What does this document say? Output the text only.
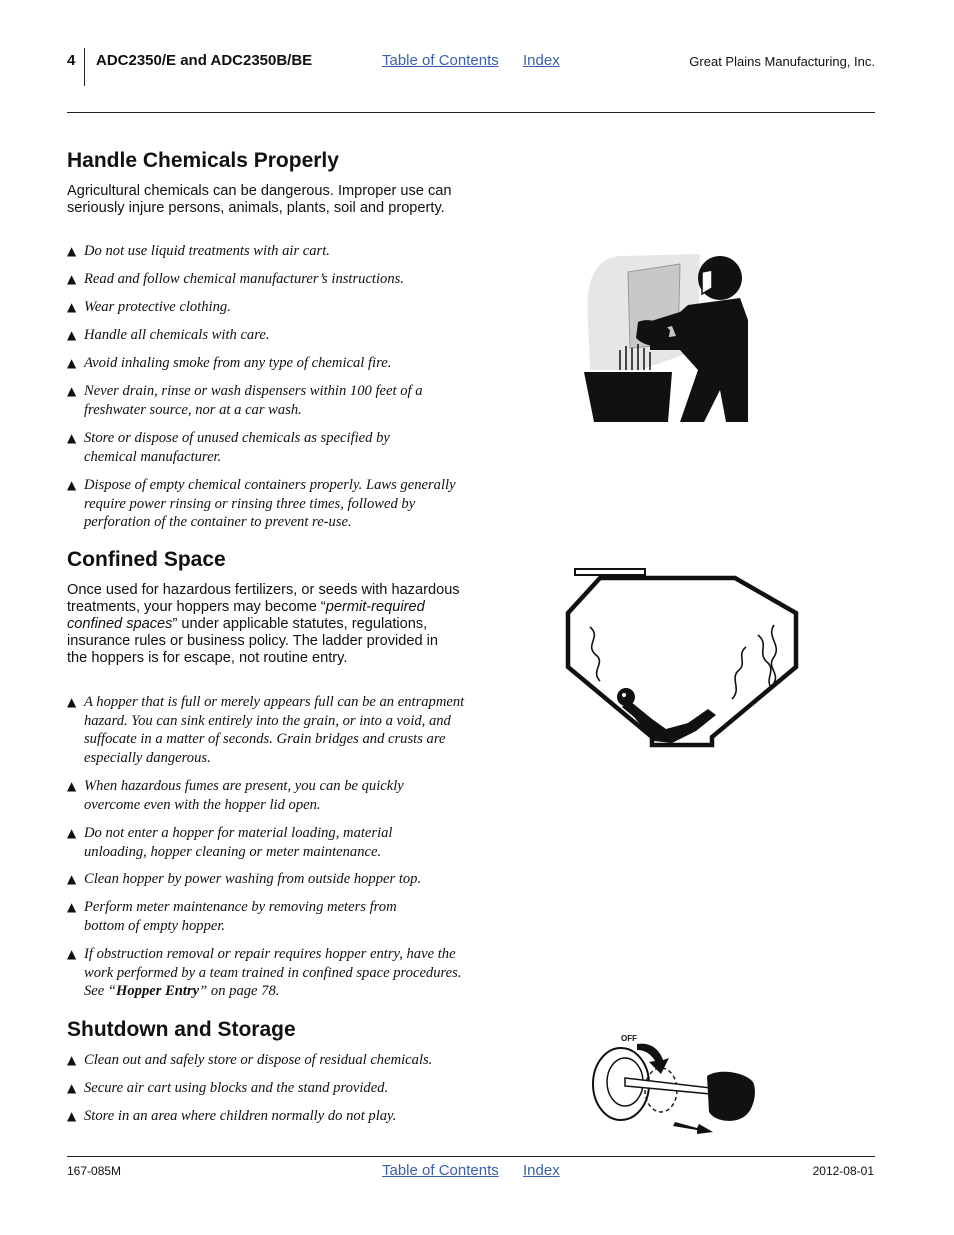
4 ADC2350/E and ADC2350B/BE	Table of Contents Index	Great Plains Manufacturing, Inc.
Handle Chemicals Properly

Agricultural chemicals can be dangerous. Improper use can seriously injure persons, animals, plants, soil and property.

▲ Do not use liquid treatments with air cart.
▲ Read and follow chemical manufacturer’s instructions.
▲ Wear protective clothing.
▲ Handle all chemicals with care.
▲ Avoid inhaling smoke from any type of chemical fire.
▲ Never drain, rinse or wash dispensers within 100 feet of a freshwater source, nor at a car wash.
▲ Store or dispose of unused chemicals as specified by chemical manufacturer.
▲ Dispose of empty chemical containers properly. Laws generally require power rinsing or rinsing three times, followed by perforation of the container to prevent re-use.
Confined Space

Once used for hazardous fertilizers, or seeds with hazardous treatments, your hoppers may become “permit-required confined spaces” under applicable statutes, regulations, insurance rules or business policy. The ladder provided in the hoppers is for escape, not routine entry.

▲ A hopper that is full or merely appears full can be an entrapment hazard. You can sink entirely into the grain, or into a void, and suffocate in a matter of seconds. Grain bridges and crusts are especially dangerous.
▲ When hazardous fumes are present, you can be quickly overcome even with the hopper lid open.
▲ Do not enter a hopper for material loading, material unloading, hopper cleaning or meter maintenance.
▲ Clean hopper by power washing from outside hopper top.
▲ Perform meter maintenance by removing meters from bottom of empty hopper.
▲ If obstruction removal or repair requires hopper entry, have the work performed by a team trained in confined space procedures. See “Hopper Entry” on page 78.
Shutdown and Storage
▲ Clean out and safely store or dispose of residual chemicals.
▲ Secure air cart using blocks and the stand provided.
▲ Store in an area where children normally do not play.
OFF
167-085M	Table of Contents Index	2012-08-01
